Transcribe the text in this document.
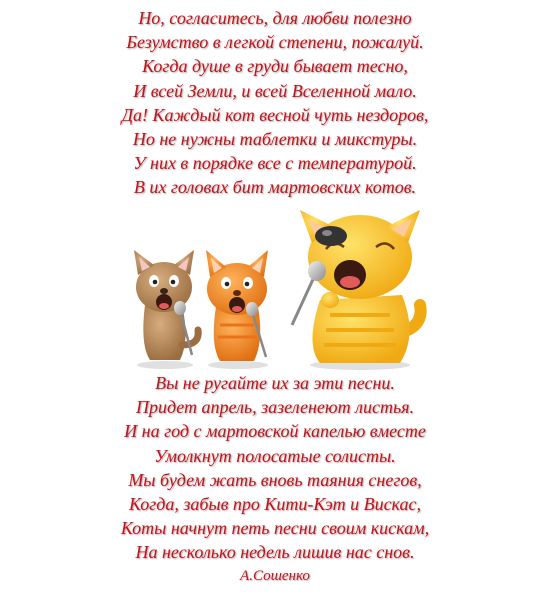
Но, согласитесь, для любви полезно
Безумство в легкой степени, пожалуй.
Когда душе в груди бывает тесно,
И всей Земли, и всей Вселенной мало.
Да! Каждый кот весной чуть нездоров,
Но не нужны таблетки и микстуры.
У них в порядке все с температурой.
В их головах бит мартовских котов.
Вы не ругайте их за эти песни.
Придет апрель, зазеленеют листья.
И на год с мартовской капелью вместе
Умолкнут полосатые солисты.
Мы будем жать вновь таяния снегов,
Когда, забыв про Кити-Кэт и Вискас,
Коты начнут петь песни своим кискам,
На несколько недель лишив нас снов.
А.Сошенко
